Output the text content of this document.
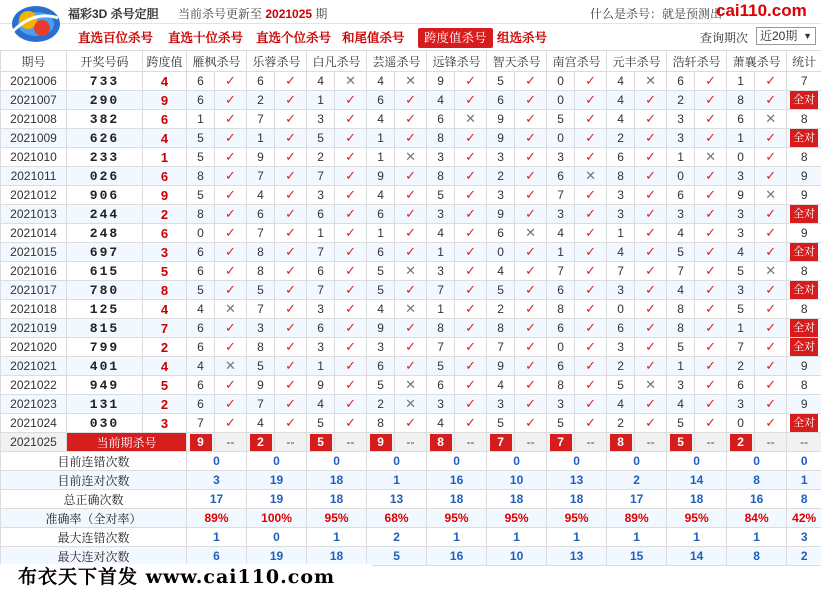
当前杀号更新至 2021025 期
福彩3D 杀号定胆	什么是杀号：就是预测出
cai110.com
直选百位杀号 直选十位杀号 直选个位杀号 和尾值杀号	跨度值杀号 组选杀号	查询期次 近20期 ▼
期号	开奖号码	跨度值	雁枫杀号		乐蓉杀号		白凡杀号		芸遥杀号		远锋杀号		智天杀号		南宫杀号		元丰杀号		浩轩杀号		萧襄杀号		统计
2021006	733	4	6	✓	6	✓	4	✕	4	✕	9	✓	5	✓	0	✓	4	✕	6	✓	1	✓	7
2021007	290	9	6	✓	2	✓	1	✓	6	✓	4	✓	6	✓	0	✓	4	✓	2	✓	8	✓	全对
2021008	382	6	1	✓	7	✓	3	✓	4	✓	6	✕	9	✓	5	✓	4	✓	3	✓	6	✕	8
2021009	626	4	5	✓	1	✓	5	✓	1	✓	8	✓	9	✓	0	✓	2	✓	3	✓	1	✓	全对
2021010	233	1	5	✓	9	✓	2	✓	1	✕	3	✓	3	✓	3	✓	6	✓	1	✕	0	✓	8
2021011	026	6	8	✓	7	✓	7	✓	9	✓	8	✓	2	✓	6	✕	8	✓	0	✓	3	✓	9
2021012	906	9	5	✓	4	✓	3	✓	4	✓	5	✓	3	✓	7	✓	3	✓	6	✓	9	✕	9
2021013	244	2	8	✓	6	✓	6	✓	6	✓	3	✓	9	✓	3	✓	3	✓	3	✓	3	✓	全对
2021014	248	6	0	✓	7	✓	1	✓	1	✓	4	✓	6	✕	4	✓	1	✓	4	✓	3	✓	9
2021015	697	3	6	✓	8	✓	7	✓	6	✓	1	✓	0	✓	1	✓	4	✓	5	✓	4	✓	全对
2021016	615	5	6	✓	8	✓	6	✓	5	✕	3	✓	4	✓	7	✓	7	✓	7	✓	5	✕	8
2021017	780	8	5	✓	5	✓	7	✓	5	✓	7	✓	5	✓	6	✓	3	✓	4	✓	3	✓	全对
2021018	125	4	4	✕	7	✓	3	✓	4	✕	1	✓	2	✓	8	✓	0	✓	8	✓	5	✓	8
2021019	815	7	6	✓	3	✓	6	✓	9	✓	8	✓	8	✓	6	✓	6	✓	8	✓	1	✓	全对
2021020	799	2	6	✓	8	✓	3	✓	3	✓	7	✓	7	✓	0	✓	3	✓	5	✓	7	✓	全对
2021021	401	4	4	✕	5	✓	1	✓	6	✓	5	✓	9	✓	6	✓	2	✓	1	✓	2	✓	9
2021022	949	5	6	✓	9	✓	9	✓	5	✕	6	✓	4	✓	8	✓	5	✕	3	✓	6	✓	8
2021023	131	2	6	✓	7	✓	4	✓	2	✕	3	✓	3	✓	3	✓	4	✓	4	✓	3	✓	9
2021024	030	3	7	✓	4	✓	5	✓	8	✓	4	✓	5	✓	5	✓	2	✓	5	✓	0	✓	全对
2021025	当前期杀号		9	--	2	--	5	--	9	--	8	--	7	--	7	--	8	--	5	--	2	--	--
目前连错次数			0		0		0		0		0		0		0		0		0		0		0
目前连对次数			3		19		18		1		16		10		13		2		14		8		1
总正确次数			17		19		18		13		18		18		18		17		18		16		8
准确率（全对率）			89%		100%		95%		68%		95%		95%		95%		89%		95%		84%		42%
最大连错次数			1		0		1		2		1		1		1		1		1		1		3
最大连对次数			6		19		18		5		16		10		13		15		14		8		2
布衣天下首发 www.cai110.com
